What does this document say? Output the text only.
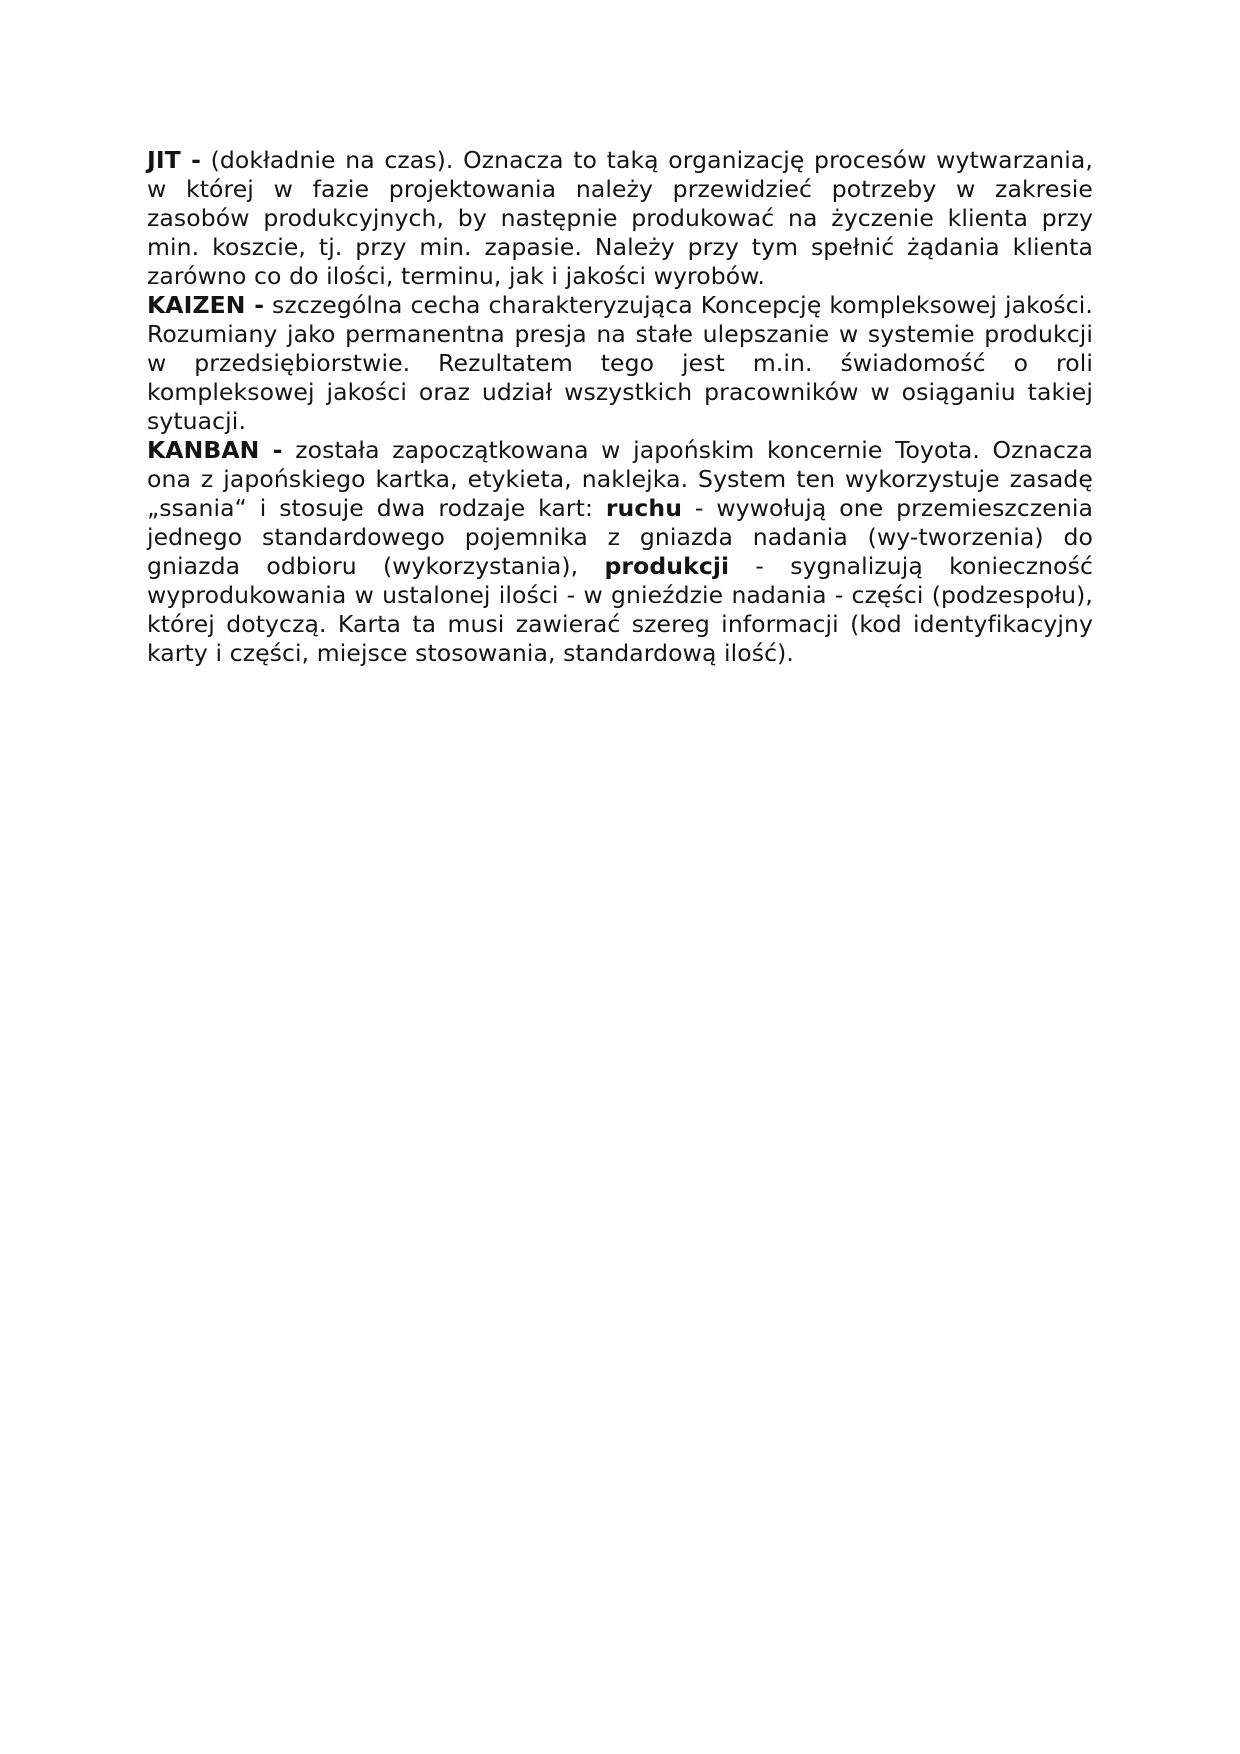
JIT - (dokładnie na czas). Oznacza to taką organizację procesów wytwarzania, w której w fazie projektowania należy przewidzieć potrzeby w zakresie zasobów produkcyjnych, by następnie produkować na życzenie klienta przy min. koszcie, tj. przy min. zapasie. Należy przy tym spełnić żądania klienta zarówno co do ilości, terminu, jak i jakości wyrobów.

KAIZEN - szczególna cecha charakteryzująca Koncepcję kompleksowej jakości. Rozumiany jako permanentna presja na stałe ulepszanie w systemie produkcji w przedsiębiorstwie. Rezultatem tego jest m.in. świadomość o roli kompleksowej jakości oraz udział wszystkich pracowników w osiąganiu takiej sytuacji.

KANBAN - została zapoczątkowana w japońskim koncernie Toyota. Oznacza ona z japońskiego kartka, etykieta, naklejka. System ten wykorzystuje zasadę „ssania“ i stosuje dwa rodzaje kart: ruchu - wywołują one przemieszczenia jednego standardowego pojemnika z gniazda nadania (wy-tworzenia) do gniazda odbioru (wykorzystania), produkcji - sygnalizują konieczność wyprodukowania w ustalonej ilości - w gnieździe nadania - części (podzespołu), której dotyczą. Karta ta musi zawierać szereg informacji (kod identyfikacyjny karty i części, miejsce stosowania, standardową ilość).
